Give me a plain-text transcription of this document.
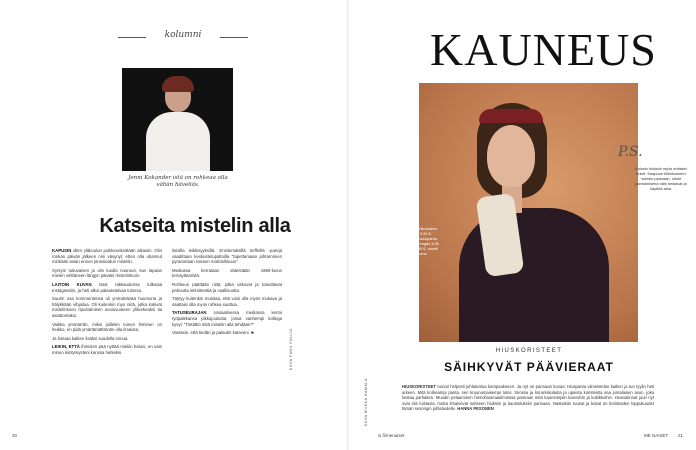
kolumni
Jenni Kokander istä on rohkeaa olla vähän häveliäs.
Katseita mistelin alla

KAPUSIN ollen yläkoulun poikkeuskeittään aikaisin. Olin ronkan päivän jälkeen niin väsynyt, etten olla uhannut minkään asian ennen pinnaloidun mistelin.

Syntyin tukuvaisen ja olin kuulla nuoruun, kun tapaan mielen virittäneen längyn päiväni mistelinkoon.

LAITOIN KUVAN tänä rakkaudensa tulkoaia Instagramiin, ja heti alkoi palautetulvaa tulossa.

Suurin osa kommenteista oli ymmärtävää huumoria ja hälykkään vihjailua. Oli kuitenkin myo niitä, jotka kokivat mistelinkoon ripustamisen avoiuvuuteen ylikorkeaksi tai asiattomaksi.

Vaikka ymmärrän, miksi joillekin toinen ihminen on heikko, en pidä ymärtämättömän olla ilmaista.

Ja haluaa kaiken lisäksi suudella minua.

LEIKIN, ETTÄ ihmisten pää nyttää mieliin haluni, en vain minun kiintymysteni kanssa hetkeksi.

iloisilla leikkisyyksillä. Ensimmäisillä treffeillä -pareja vaadittaan keskustelupaltoilla "tapettamaan pihtarnmien pyrametaan toiseen mahdollisuus".

Mediassa kerrataan vääristään 1980-luvun tervayttamistä.

Rohkeus päättään niitä, jotka uskovat ja toteuttavat pahuutta intimiteettiä ja osallisuutta.

Täytyy kuitenkin muistaa, että voisi olla myös mukava ja saattaisi olla myos rohkea suuttua.

TATUSEURAJAN sosiaalisessa mediassa kertoi työpaikkansa pikkujoulusta, jossa vanhempi kollega kysyi: "Tietätkö mitä mistelin alla tehdään?"

Vastasin, että tiedän ja palautin katseeni. ■	KUVA FANU PALLIO
20	is.fi/menaiset
KAUNEUS
Ruusuotsa hairikoristeen Hiuspanta, 9,90 €, kultavarinen ruusupanta 4,90 €, kakkosrengas 3,90 €, minikalat 9,90 €, rusetti 9,90 €, Ikens.
P.S.
Kolssin hiuksiin myös erilaiset huivit. Kaapuun tiilekkuuteen solmiin pannaan, olivät pannainisena näin kestavat ja käyttöä aina.
HIUSKORISTEET
SÄIHKYVÄT PÄÄVIERAAT
HIUSKORISTEET tuovat helposti juhlatuntua kampaukseen. Ja nyt on pannaan kuvaa: Hiuspanta viimeistelee kaiken ja tuo tyylin heti arkeen. Mitä korkeampi panta, sen kruunumaisempi tulos. Sirossa ja koruniskulasta ja upeista koristeista saa jumalaisen asun, joka loistaa parhaiten. Muodin pelaaminen hienohiusmaailmoissa pannaan mitä kauneimpiin karvoihin ja kukikkoihin. Hiusvalinnat juuri nyt ovat siis loistavia, mutta ilmaisevat seitseen hiuksiin ja kaunistuksiin pannaan. Nastaisiin ruusut ja kukat on koristeiden loppukuudet tämän sesongin juhlatuulelle. HANNA PESONEN
KUVA MIIKKA HAMALA
ME NAISET 21
